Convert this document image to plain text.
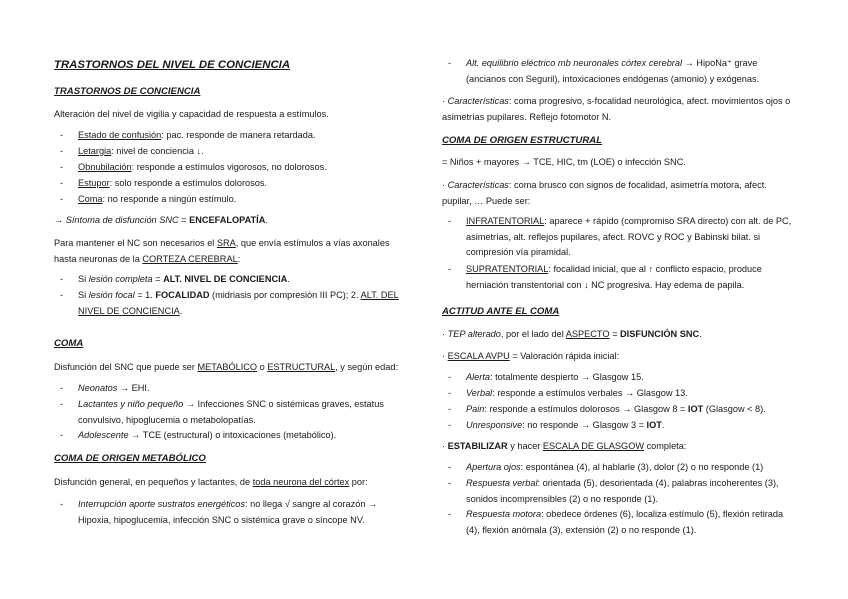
TRASTORNOS DEL NIVEL DE CONCIENCIA
TRASTORNOS DE CONCIENCIA
Alteración del nivel de vigilia y capacidad de respuesta a estímulos.
- Estado de confusión: pac. responde de manera retardada.
- Letargia: nivel de conciencia ↓.
- Obnubilación: responde a estímulos vigorosos, no dolorosos.
- Estupor: solo responde a estímulos dolorosos.
- Coma: no responde a ningún estímulo.
→ Síntoma de disfunción SNC = ENCEFALOPATÍA.
Para mantener el NC son necesarios el SRA, que envía estímulos a vías axonales hasta neuronas de la CORTEZA CEREBRAL:
- Si lesión completa = ALT. NIVEL DE CONCIENCIA.
- Si lesión focal = 1. FOCALIDAD (midriasis por compresión III PC); 2. ALT. DEL NIVEL DE CONCIENCIA.
COMA
Disfunción del SNC que puede ser METABÓLICO o ESTRUCTURAL, y según edad:
- Neonatos → EHI.
- Lactantes y niño pequeño → Infecciones SNC o sistémicas graves, estatus convulsivo, hipoglucemia o metabolopatías.
- Adolescente → TCE (estructural) o intoxicaciones (metabólico).
COMA DE ORIGEN METABÓLICO
Disfunción general, en pequeños y lactantes, de toda neurona del córtex por:
- Interrupción aporte sustratos energéticos: no llega √ sangre al corazón → Hipoxia, hipoglucemia, infección SNC o sistémica grave o síncope NV.
- Alt. equilibrio eléctrico mb neuronales córtex cerebral → HipoNa⁺ grave (ancianos con Seguril), intoxicaciones endógenas (amonio) y exógenas.
· Características: coma progresivo, s-focalidad neurológica, afect. movimientos ojos o asimetrías pupilares. Reflejo fotomotor N.
COMA DE ORIGEN ESTRUCTURAL
= Niños + mayores → TCE, HIC, tm (LOE) o infección SNC.
· Características: coma brusco con signos de focalidad, asimetría motora, afect. pupilar, … Puede ser:
- INFRATENTORIAL: aparece + rápido (compromiso SRA directo) con alt. de PC, asimetrías, alt. reflejos pupilares, afect. ROVC y ROC y Babinski bilat. si compresión vía piramidal.
- SUPRATENTORIAL: focalidad inicial, que al ↑ conflicto espacio, produce herniación transtentorial con ↓ NC progresiva. Hay edema de papila.
ACTITUD ANTE EL COMA
· TEP alterado, por el lado del ASPECTO = DISFUNCIÓN SNC.
· ESCALA AVPU = Valoración rápida inicial:
- Alerta: totalmente despierto → Glasgow 15.
- Verbal: responde a estímulos verbales → Glasgow 13.
- Pain: responde a estímulos dolorosos → Glasgow 8 = IOT (Glasgow < 8).
- Unresponsive: no responde → Glasgow 3 = IOT.
· ESTABILIZAR y hacer ESCALA DE GLASGOW completa:
- Apertura ojos: espontánea (4), al hablarle (3), dolor (2) o no responde (1)
- Respuesta verbal: orientada (5), desorientada (4), palabras incoherentes (3), sonidos incomprensibles (2) o no responde (1).
- Respuesta motora: obedece órdenes (6), localiza estímulo (5), flexión retirada (4), flexión anómala (3), extensión (2) o no responde (1).
